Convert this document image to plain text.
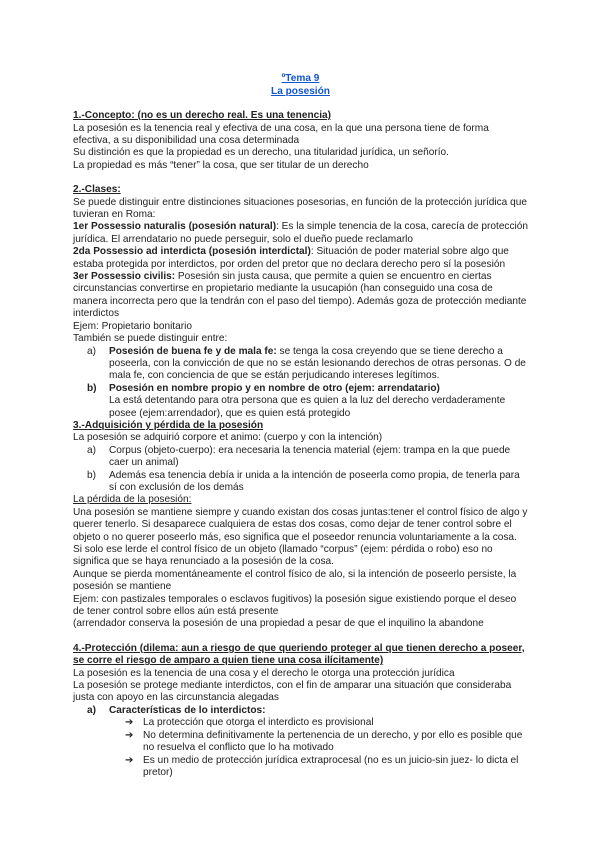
ºTema 9
La posesión

1.-Concepto: (no es un derecho real. Es una tenencia)

La posesión es la tenencia real y efectiva de una cosa, en la que una persona tiene de forma efectiva, a su disponibilidad una cosa determinada

Su distinción es que la propiedad es un derecho, una titularidad jurídica, un señorío.

La propiedad es más “tener” la cosa, que ser titular de un derecho

2.-Clases:

Se puede distinguir entre distinciones situaciones posesorias, en función de la protección jurídica que tuvieran en Roma:

1er Possessio naturalis (posesión natural): Es la simple tenencia de la cosa, carecía de protección jurídica. El arrendatario no puede perseguir, solo el dueño puede reclamarlo

2da Possessio ad interdicta (posesión interdictal): Situación de poder material sobre algo que estaba protegida por interdictos, por orden del pretor que no declara derecho pero sí la posesión

3er Possessio civilis: Posesión sin justa causa, que permite a quien se encuentro en ciertas circunstancias convertirse en propietario mediante la usucapión (han conseguido una cosa de manera incorrecta pero que la tendrán con el paso del tiempo). Además goza de protección mediante interdictos

Ejem: Propietario bonitario

También se puede distinguir entre:

a)	Posesión de buena fe y de mala fe: se tenga la cosa creyendo que se tiene derecho a poseerla, con la convicción de que no se están lesionando derechos de otras personas. O de mala fe, con conciencia de que se están perjudicando intereses legítimos.
b)	Posesión en nombre propio y en nombre de otro (ejem: arrendatario)

La está detentando para otra persona que es quien a la luz del derecho verdaderamente posee (ejem:arrendador), que es quien está protegido

3.-Adquisición y pérdida de la posesión

La posesión se adquirió corpore et animo: (cuerpo y con la intención)

a)	Corpus (objeto-cuerpo): era necesaria la tenencia material (ejem: trampa en la que puede caer un animal)
b)	Además esa tenencia debía ir unida a la intención de poseerla como propia, de tenerla para sí con exclusión de los demás

La pérdida de la posesión:

Una posesión se mantiene siempre y cuando existan dos cosas juntas:tener el control físico de algo y querer tenerlo. Si desaparece cualquiera de estas dos cosas, como dejar de tener control sobre el objeto o no querer poseerlo más, eso significa que el poseedor renuncia voluntariamente a la cosa. Si solo ese lerde el control físico de un objeto (llamado “corpus” (ejem: pérdida o robo) eso no significa que se haya renunciado a la posesión de la cosa.

Aunque se pierda momentáneamente el control físico de alo, si la intención de poseerlo persiste, la posesión se mantiene

Ejem: con pastizales temporales o esclavos fugitivos) la posesión sigue existiendo porque el deseo de tener control sobre ellos aún está presente

(arrendador conserva la posesión de una propiedad a pesar de que el inquilino la abandone

4.-Protección (dilema: aun a riesgo de que queriendo proteger al que tienen derecho a poseer, se corre el riesgo de amparo a quien tiene una cosa ilícitamente)

La posesión es la tenencia de una cosa y el derecho le otorga una protección jurídica

La posesión se protege mediante interdictos, con el fin de amparar una situación que consideraba justa con apoyo en las circunstancia alegadas

a)	Características de lo interdictos:
➔ La protección que otorga el interdicto es provisional
➔ No determina definitivamente la pertenencia de un derecho, y por ello es posible que no resuelva el conflicto que lo ha motivado
➔ Es un medio de protección jurídica extraprocesal (no es un juicio-sin juez- lo dicta el pretor)
